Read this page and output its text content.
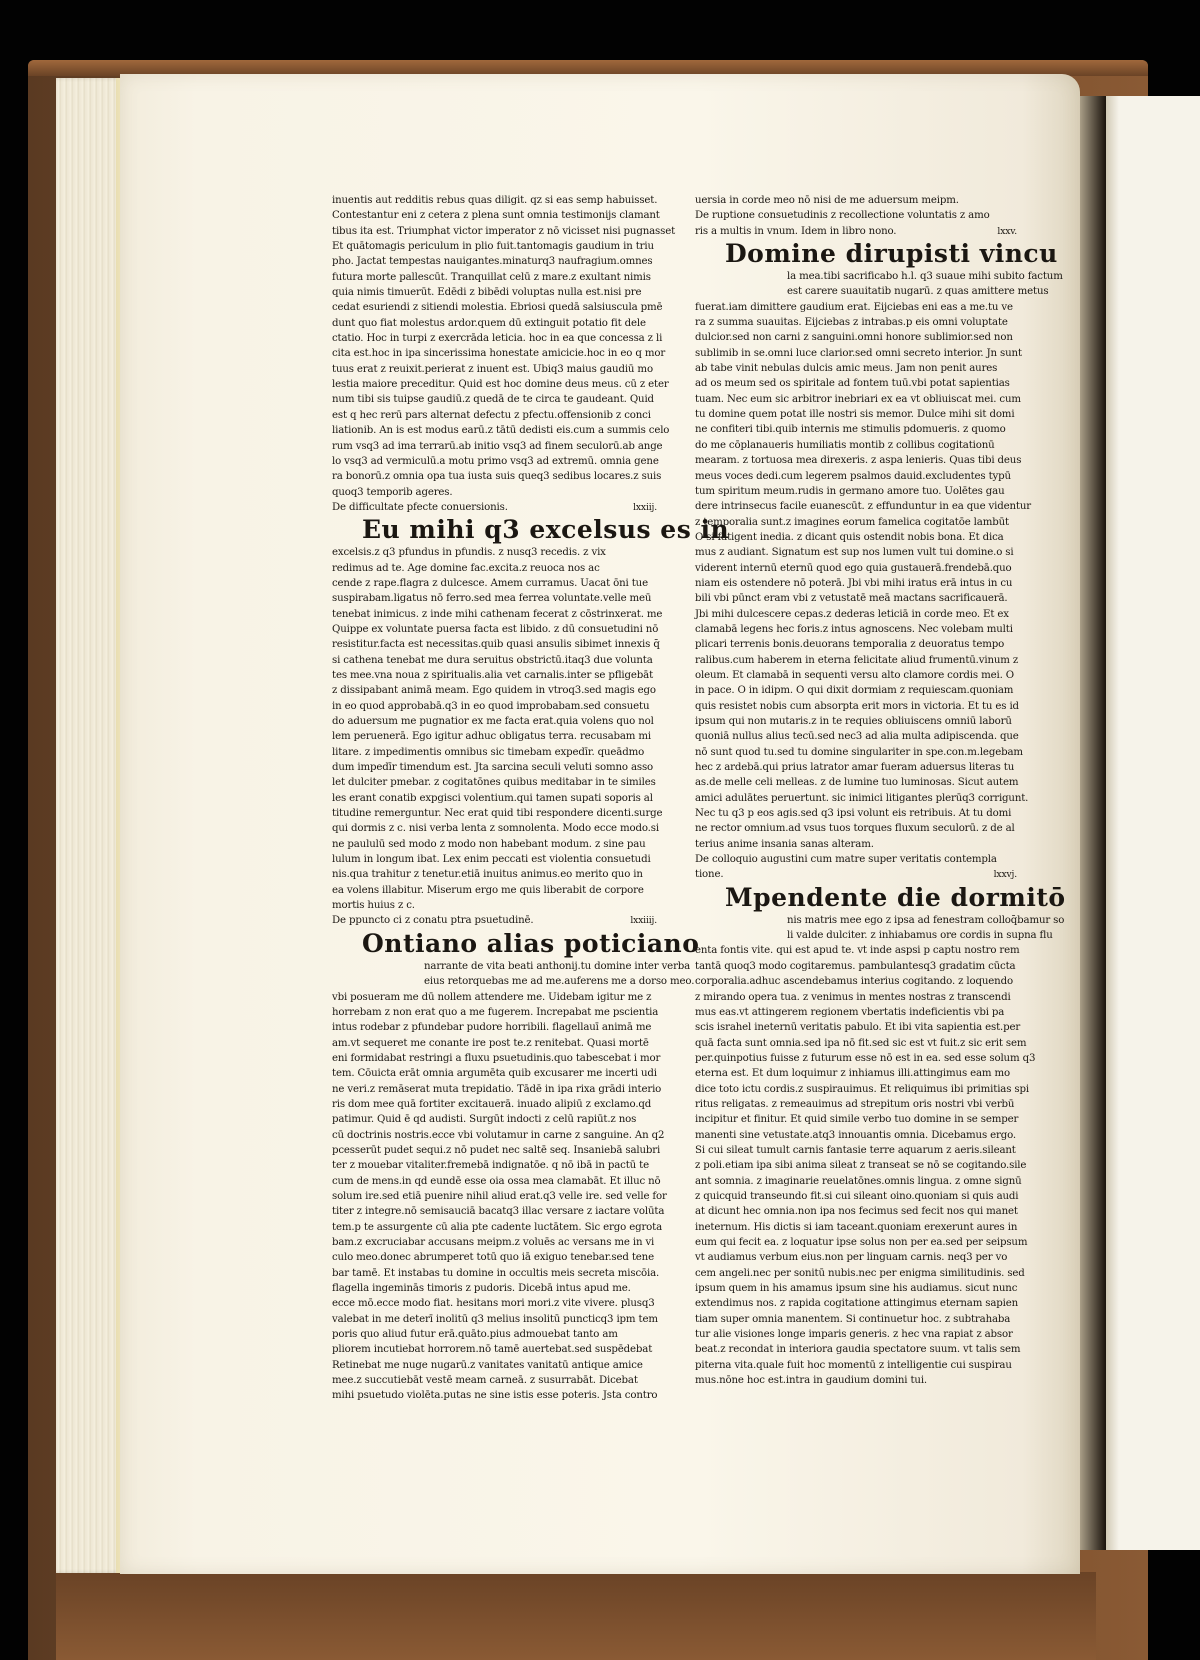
inuentis aut redditis rebus quas diligit. qz si eas semp habuisset.
Contestantur eni z cetera z plena sunt omnia testimonijs clamant
tibus ita est. Triumphat victor imperator z nō vicisset nisi pugnasset
Et quātomagis periculum in plio fuit.tantomagis gaudium in triu
pho. Jactat tempestas nauigantes.minaturq3 naufragium.omnes
futura morte pallescūt. Tranquillat celū z mare.z exultant nimis
quia nimis timuerūt. Edēdi z bibēdi voluptas nulla est.nisi pre
cedat esuriendi z sitiendi molestia. Ebriosi quedā salsiuscula pmē
dunt quo fiat molestus ardor.quem dū extinguit potatio fit dele
ctatio. Hoc in turpi z exercrāda leticia. hoc in ea que concessa z li
cita est.hoc in ipa sincerissima honestate amicicie.hoc in eo q mor
tuus erat z reuixit.perierat z inuent est. Ubiq3 maius gaudiū mo
lestia maiore preceditur. Quid est hoc domine deus meus. cū z eter
num tibi sis tuipse gaudiū.z quedā de te circa te gaudeant. Quid
est q hec rerū pars alternat defectu z pfectu.offensionib z conci
liationib. An is est modus earū.z tātū dedisti eis.cum a summis celo
rum vsq3 ad ima terrarū.ab initio vsq3 ad finem seculorū.ab ange
lo vsq3 ad vermiculū.a motu primo vsq3 ad extremū. omnia gene
ra bonorū.z omnia opa tua iusta suis queq3 sedibus locares.z suis
quoq3 temporib ageres.
De difficultate pfecte conuersionis.	lxxiij.
Eu mihi q3 excelsus es in
excelsis.z q3 pfundus in pfundis. z nusq3 recedis. z vix
redimus ad te. Age domine fac.excita.z reuoca nos ac
cende z rape.flagra z dulcesce. Amem curramus. Uacat ōni tue
suspirabam.ligatus nō ferro.sed mea ferrea voluntate.velle meū
tenebat inimicus. z inde mihi cathenam fecerat z cōstrinxerat. me
Quippe ex voluntate puersa facta est libido. z dū consuetudini nō
resistitur.facta est necessitas.quib quasi ansulis sibimet innexis q̄
si cathena tenebat me dura seruitus obstrictū.itaq3 due volunta
tes mee.vna noua z spiritualis.alia vet carnalis.inter se pfligebāt
z dissipabant animā meam. Ego quidem in vtroq3.sed magis ego
in eo quod approbabā.q3 in eo quod improbabam.sed consuetu
do aduersum me pugnatior ex me facta erat.quia volens quo nol
lem peruenerā. Ego igitur adhuc obligatus terra. recusabam mi
litare. z impedimentis omnibus sic timebam expedīr. queādmo
dum impedīr timendum est. Jta sarcina seculi veluti somno asso
let dulciter pmebar. z cogitatōnes quibus meditabar in te similes
les erant conatib expgisci volentium.qui tamen supati soporis al
titudine remerguntur. Nec erat quid tibi respondere dicenti.surge
qui dormis z c. nisi verba lenta z somnolenta. Modo ecce modo.si
ne paululū sed modo z modo non habebant modum. z sine pau
lulum in longum ibat. Lex enim peccati est violentia consuetudi
nis.qua trahitur z tenetur.etiā inuitus animus.eo merito quo in
ea volens illabitur. Miserum ergo me quis liberabit de corpore
mortis huius z c.
De ppuncto ci z conatu ptra psuetudinē.	lxxiiij.
Ontiano alias poticiano
narrante de vita beati anthonij.tu domine inter verba
eius retorquebas me ad me.auferens me a dorso meo.
vbi posueram me dū nollem attendere me. Uidebam igitur me z
horrebam z non erat quo a me fugerem. Increpabat me pscientia
intus rodebar z pfundebar pudore horribili. flagellauī animā me
am.vt sequeret me conante ire post te.z renitebat. Quasi mortē
eni formidabat restringi a fluxu psuetudinis.quo tabescebat i mor
tem. Cōuicta erāt omnia argumēta quib excusarer me incerti udi
ne veri.z remāserat muta trepidatio. Tādē in ipa rixa grādi interio
ris dom mee quā fortiter excitauerā. inuado alipiū z exclamo.qd
patimur. Quid ē qd audisti. Surgūt indocti z celū rapiūt.z nos
cū doctrinis nostris.ecce vbi volutamur in carne z sanguine. An q2
pcesserūt pudet sequi.z nō pudet nec saltē seq. Insaniebā salubri
ter z mouebar vitaliter.fremebā indignatōe. q nō ibā in pactū te
cum de mens.in qd eundē esse oia ossa mea clamabāt. Et illuc nō
solum ire.sed etiā puenire nihil aliud erat.q3 velle ire. sed velle for
titer z integre.nō semisauciā bacatq3 illac versare z iactare volūta
tem.p te assurgente cū alia pte cadente luctātem. Sic ergo egrota
bam.z excruciabar accusans meipm.z voluēs ac versans me in vi
culo meo.donec abrumperet totū quo iā exiguo tenebar.sed tene
bar tamē. Et instabas tu domine in occultis meis secreta miscōia.
flagella ingeminās timoris z pudoris. Dicebā intus apud me.
ecce mō.ecce modo fiat. hesitans mori mori.z vite vivere. plusq3
valebat in me deterī inolitū q3 melius insolitū puncticq3 ipm tem
poris quo aliud futur erā.quāto.pius admouebat tanto am
pliorem incutiebat horrorem.nō tamē auertebat.sed suspēdebat
Retinebat me nuge nugarū.z vanitates vanitatū antique amice
mee.z succutiebāt vestē meam carneā. z susurrabāt. Dicebat
mihi psuetudo violēta.putas ne sine istis esse poteris. Jsta contro
uersia in corde meo nō nisi de me aduersum meipm.
De ruptione consuetudinis z recollectione voluntatis z amo
ris a multis in vnum. Idem in libro nono.	lxxv.
Domine dirupisti vincu
la mea.tibi sacrificabo h.l. q3 suaue mihi subito factum
est carere suauitatib nugarū. z quas amittere metus
fuerat.iam dimittere gaudium erat. Eijciebas eni eas a me.tu ve
ra z summa suauitas. Eijciebas z intrabas.p eis omni voluptate
dulcior.sed non carni z sanguini.omni honore sublimior.sed non
sublimib in se.omni luce clarior.sed omni secreto interior. Jn sunt
ab tabe vinit nebulas dulcis amic meus. Jam non penit aures
ad os meum sed os spiritale ad fontem tuū.vbi potat sapientias
tuam. Nec eum sic arbitror inebriari ex ea vt obliuiscat mei. cum
tu domine quem potat ille nostri sis memor. Dulce mihi sit domi
ne confiteri tibi.quib internis me stimulis pdomueris. z quomo
do me cōplanaueris humiliatis montib z collibus cogitationū
mearam. z tortuosa mea direxeris. z aspa lenieris. Quas tibi deus
meus voces dedi.cum legerem psalmos dauid.excludentes typū
tum spiritum meum.rudis in germano amore tuo. Uolētes gau
dere intrinsecus facile euanescūt. z effunduntur in ea que videntur
z temporalia sunt.z imagines eorum famelica cogitatōe lambūt
O si fatigent inedia. z dicant quis ostendit nobis bona. Et dica
mus z audiant. Signatum est sup nos lumen vult tui domine.o si
viderent internū eternū quod ego quia gustauerā.frendebā.quo
niam eis ostendere nō poterā. Jbi vbi mihi iratus erā intus in cu
bili vbi pūnct eram vbi z vetustatē meā mactans sacrificauerā.
Jbi mihi dulcescere cepas.z dederas leticiā in corde meo. Et ex
clamabā legens hec foris.z intus agnoscens. Nec volebam multi
plicari terrenis bonis.deuorans temporalia z deuoratus tempo
ralibus.cum haberem in eterna felicitate aliud frumentū.vinum z
oleum. Et clamabā in sequenti versu alto clamore cordis mei. O
in pace. O in idipm. O qui dixit dormiam z requiescam.quoniam
quis resistet nobis cum absorpta erit mors in victoria. Et tu es id
ipsum qui non mutaris.z in te requies obliuiscens omniū laborū
quoniā nullus alius tecū.sed nec3 ad alia multa adipiscenda. que
nō sunt quod tu.sed tu domine singulariter in spe.con.m.legebam
hec z ardebā.qui prius latrator amar fueram aduersus literas tu
as.de melle celi melleas. z de lumine tuo luminosas. Sicut autem
amici adulātes peruertunt. sic inimici litigantes plerūq3 corrigunt.
Nec tu q3 p eos agis.sed q3 ipsi volunt eis retribuis. At tu domi
ne rector omnium.ad vsus tuos torques fluxum seculorū. z de al
terius anime insania sanas alteram.
De colloquio augustini cum matre super veritatis contempla
tione.	lxxvj.
Mpendente die dormitō
nis matris mee ego z ipsa ad fenestram colloq̄bamur so
li valde dulciter. z inhiabamus ore cordis in supna flu
enta fontis vite. qui est apud te. vt inde aspsi p captu nostro rem
tantā quoq3 modo cogitaremus. pambulantesq3 gradatim cūcta
corporalia.adhuc ascendebamus interius cogitando. z loquendo
z mirando opera tua. z venimus in mentes nostras z transcendi
mus eas.vt attingerem regionem vbertatis indeficientis vbi pa
scis israhel ineternū veritatis pabulo. Et ibi vita sapientia est.per
quā facta sunt omnia.sed ipa nō fit.sed sic est vt fuit.z sic erit sem
per.quinpotius fuisse z futurum esse nō est in ea. sed esse solum q3
eterna est. Et dum loquimur z inhiamus illi.attingimus eam mo
dice toto ictu cordis.z suspirauimus. Et reliquimus ibi primitias spi
ritus religatas. z remeauimus ad strepitum oris nostri vbi verbū
incipitur et finitur. Et quid simile verbo tuo domine in se semper
manenti sine vetustate.atq3 innouantis omnia. Dicebamus ergo.
Si cui sileat tumult carnis fantasie terre aquarum z aeris.sileant
z poli.etiam ipa sibi anima sileat z transeat se nō se cogitando.sile
ant somnia. z imaginarie reuelatōnes.omnis lingua. z omne signū
z quicquid transeundo fit.si cui sileant oino.quoniam si quis audi
at dicunt hec omnia.non ipa nos fecimus sed fecit nos qui manet
ineternum. His dictis si iam taceant.quoniam erexerunt aures in
eum qui fecit ea. z loquatur ipse solus non per ea.sed per seipsum
vt audiamus verbum eius.non per linguam carnis. neq3 per vo
cem angeli.nec per sonitū nubis.nec per enigma similitudinis. sed
ipsum quem in his amamus ipsum sine his audiamus. sicut nunc
extendimus nos. z rapida cogitatione attingimus eternam sapien
tiam super omnia manentem. Si continuetur hoc. z subtrahaba
tur alie visiones longe imparis generis. z hec vna rapiat z absor
beat.z recondat in interiora gaudia spectatore suum. vt talis sem
piterna vita.quale fuit hoc momentū z intelligentie cui suspirau
mus.nōne hoc est.intra in gaudium domini tui.
